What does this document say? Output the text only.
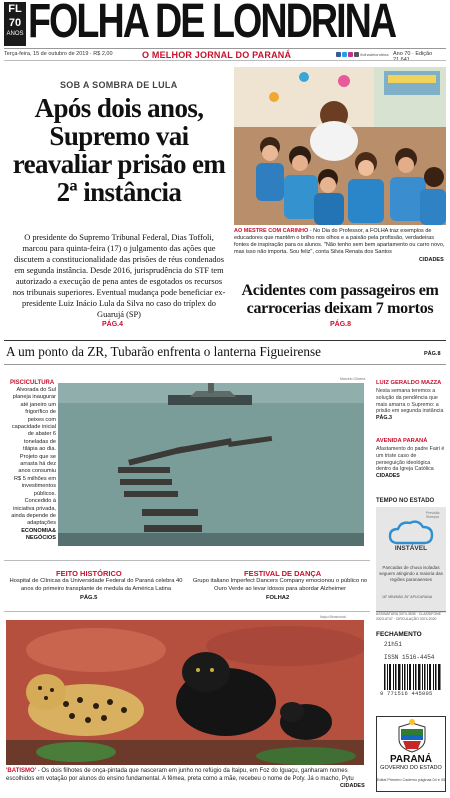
FL
70
ANOS FOLHA DE LONDRINA
Terça-feira, 15 de outubro de 2019 · R$ 2,00	O MELHOR JORNAL DO PARANÁ	/folhadelondrina Ano 70 · Edição
SOB A SOMBRA DE LULA
Após dois anos, Supremo vai reavaliar prisão em 2ª instância
O presidente do Supremo Tribunal Federal, Dias Toffoli, marcou para quinta-feira (17) o julgamento das ações que discutem a constitucionalidade das prisões de réus condenados em segunda instância. Desde 2016, jurisprudência do STF tem autorizado a execução de pena antes de esgotados os recursos nos tribunais superiores. Eventual mudança pode beneficiar ex-presidente Luiz Inácio Lula da Silva no caso do tríplex do Guarujá (SP)
PÁG.4
AO MESTRE COM CARINHO - No Dia do Professor, a FOLHA traz exemplos de educadores que mantêm o brilho nos olhos e a paixão pela profissão, verdadeiras fontes de inspiração para os alunos. "Não tenho sem bem apartamento ou carro novo, mas isso não importa. Sou feliz", conta Silvia Renata dos Santos
CIDADES
Acidentes com passageiros em carrocerias deixam 7 mortos
PÁG.8
A um ponto da ZR, Tubarão enfrenta o lanterna Figueirense	PÁG.8
PISCICULTURA
Alvorada do Sul planeja inaugurar até janeiro um frigorífico de peixes com capacidade inicial de abater 6 toneladas de tilápia ao dia. Projeto que se arrasta há dez anos consumiu R$ 5 milhões em investimentos públicos. Concedido à iniciativa privada, ainda depende de adaptações ECONOMIA& NEGÓCIOS
Marcelo Oliveira
LUIZ GERALDO MAZZA
Nesta semana teremos a solução da pendência que mais amarra o Supremo: a prisão em segunda instância PÁG.3
AVENIDA PARANÁ
Afastamento do padre Fairi é um triste caso de perseguição ideológica dentro da Igreja Católica CIDADES
TEMPO NO ESTADO
Previsão Simepar
INSTÁVEL
Pancadas de chuva isoladas seguem atingindo a maioria das regiões paranaenses
18° MÍN/MÁX 26° APUCARANA
ASSINATURA 3374-3535 · CLASSIFONE 3323-5747 · CIRCULAÇÃO 3374-2020
FECHAMENTO
21h51
ISSN 1516-4454
9 771516 445005
PARANÁ
GOVERNO DO ESTADO
Edital Primeiro Caderno páginas 04 e 05
FEITO HISTÓRICO
Hospital de Clínicas da Universidade Federal do Paraná celebra 40 anos do primeiro transplante de medula da América Latina
PÁG.5
FESTIVAL DE DANÇA
Grupo italiano Imperfect Dancers Company emocionou o público no Ouro Verde ao levar idosos para abordar Alzheimer
FOLHA2
Itaipu Binacional
'BATISMO' - Os dois filhotes de onça-pintada que nasceram em junho no refúgio da Itaipu, em Foz do Iguaçu, ganharam nomes escolhidos em votação por alunos do ensino fundamental. A fêmea, preta como a mãe, recebeu o nome de Poty. Já o macho, Pytu
CIDADES
